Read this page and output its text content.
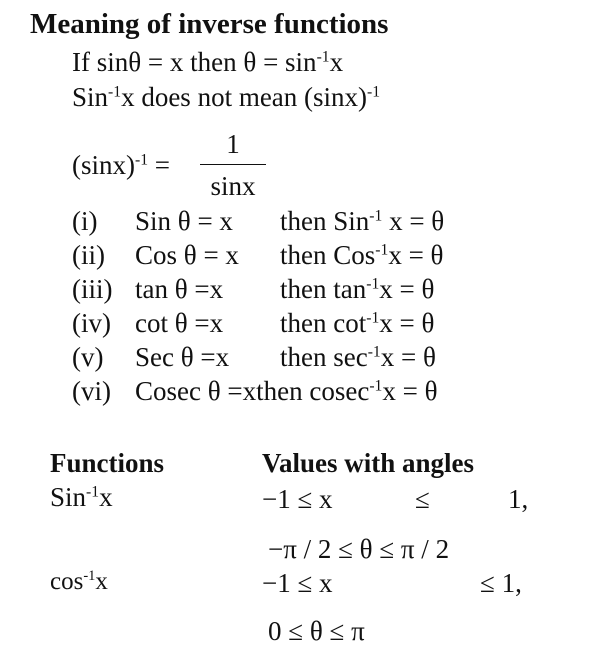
Meaning of inverse functions
If sinθ = x then $\theta = \sin^{-1}x$
Sin$^{-1}$x does not mean $(\sin x)^{-1}$
$(\sin x)^{-1}$ =
1
sinx
(i) Sin θ = x then Sin$^{-1}$ x = θ
(ii) Cos θ = x then Cos$^{-1}$x = θ
(iii) tan θ =x then $\tan^{-1}x = \theta$
(iv) cot θ =x then $\cot^{-1}x = \theta$
(v) Sec θ =x then $\sec^{-1}x = \theta$
(vi) Cosec θ =xthen cosec$^{-1}$x = θ
Functions	Values with angles
Sin$^{-1}$x	−1 ≤ x	≤	1,
−π / 2 ≤ θ ≤ π / 2
$\cos^{-1}x$	−1 ≤ x	≤ 1,
0 ≤ θ ≤ π
